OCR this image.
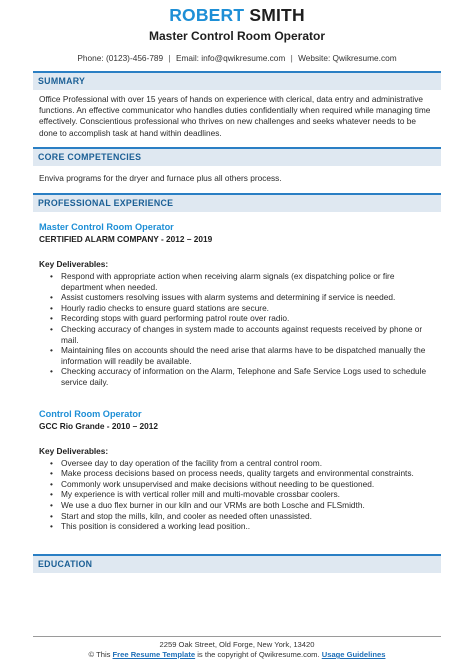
ROBERT SMITH
Master Control Room Operator
Phone: (0123)-456-789 | Email: info@qwikresume.com | Website: Qwikresume.com
SUMMARY
Office Professional with over 15 years of hands on experience with clerical, data entry and administrative functions. An effective communicator who handles duties confidentially when required while managing time effectively. Conscientious professional who thrives on new challenges and seeks whatever needs to be done to accomplish task at hand within deadlines.
CORE COMPETENCIES
Enviva programs for the dryer and furnace plus all others process.
PROFESSIONAL EXPERIENCE
Master Control Room Operator
CERTIFIED ALARM COMPANY - 2012 – 2019
Key Deliverables:
• Respond with appropriate action when receiving alarm signals (ex dispatching police or fire department when needed.
• Assist customers resolving issues with alarm systems and determining if service is needed.
• Hourly radio checks to ensure guard stations are secure.
• Recording stops with guard performing patrol route over radio.
• Checking accuracy of changes in system made to accounts against requests received by phone or mail.
• Maintaining files on accounts should the need arise that alarms have to be dispatched manually the information will readily be available.
• Checking accuracy of information on the Alarm, Telephone and Safe Service Logs used to schedule service daily.
Control Room Operator
GCC Rio Grande - 2010 – 2012
Key Deliverables:
• Oversee day to day operation of the facility from a central control room.
• Make process decisions based on process needs, quality targets and environmental constraints.
• Commonly work unsupervised and make decisions without needing to be questioned.
• My experience is with vertical roller mill and multi-movable crossbar coolers.
• We use a duo flex burner in our kiln and our VRMs are both Losche and FLSmidth.
• Start and stop the mills, kiln, and cooler as needed often unassisted.
• This position is considered a working lead position..
EDUCATION
2259 Oak Street, Old Forge, New York, 13420
© This Free Resume Template is the copyright of Qwikresume.com. Usage Guidelines
